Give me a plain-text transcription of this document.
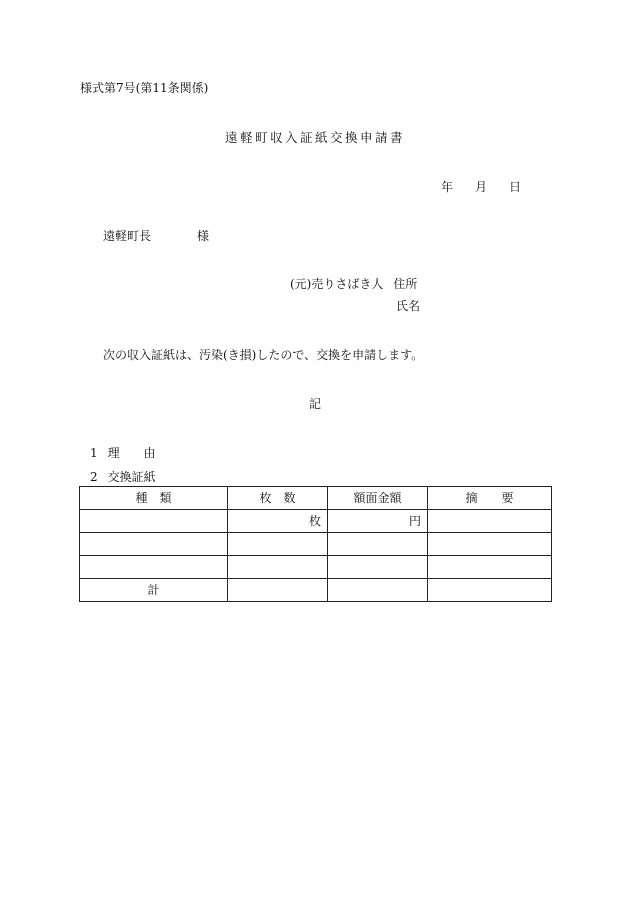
様式第7号(第11条関係)
遠軽町収入証紙交換申請書
年 月 日
遠軽町長	様
(元)売りさばき人 住所
氏名
次の収入証紙は、汚染(き損)したので、交換を申請します。
記
1 理 由
2 交換証紙
種　類	枚　数	額面金額	摘　　要
	枚	円	

計			
